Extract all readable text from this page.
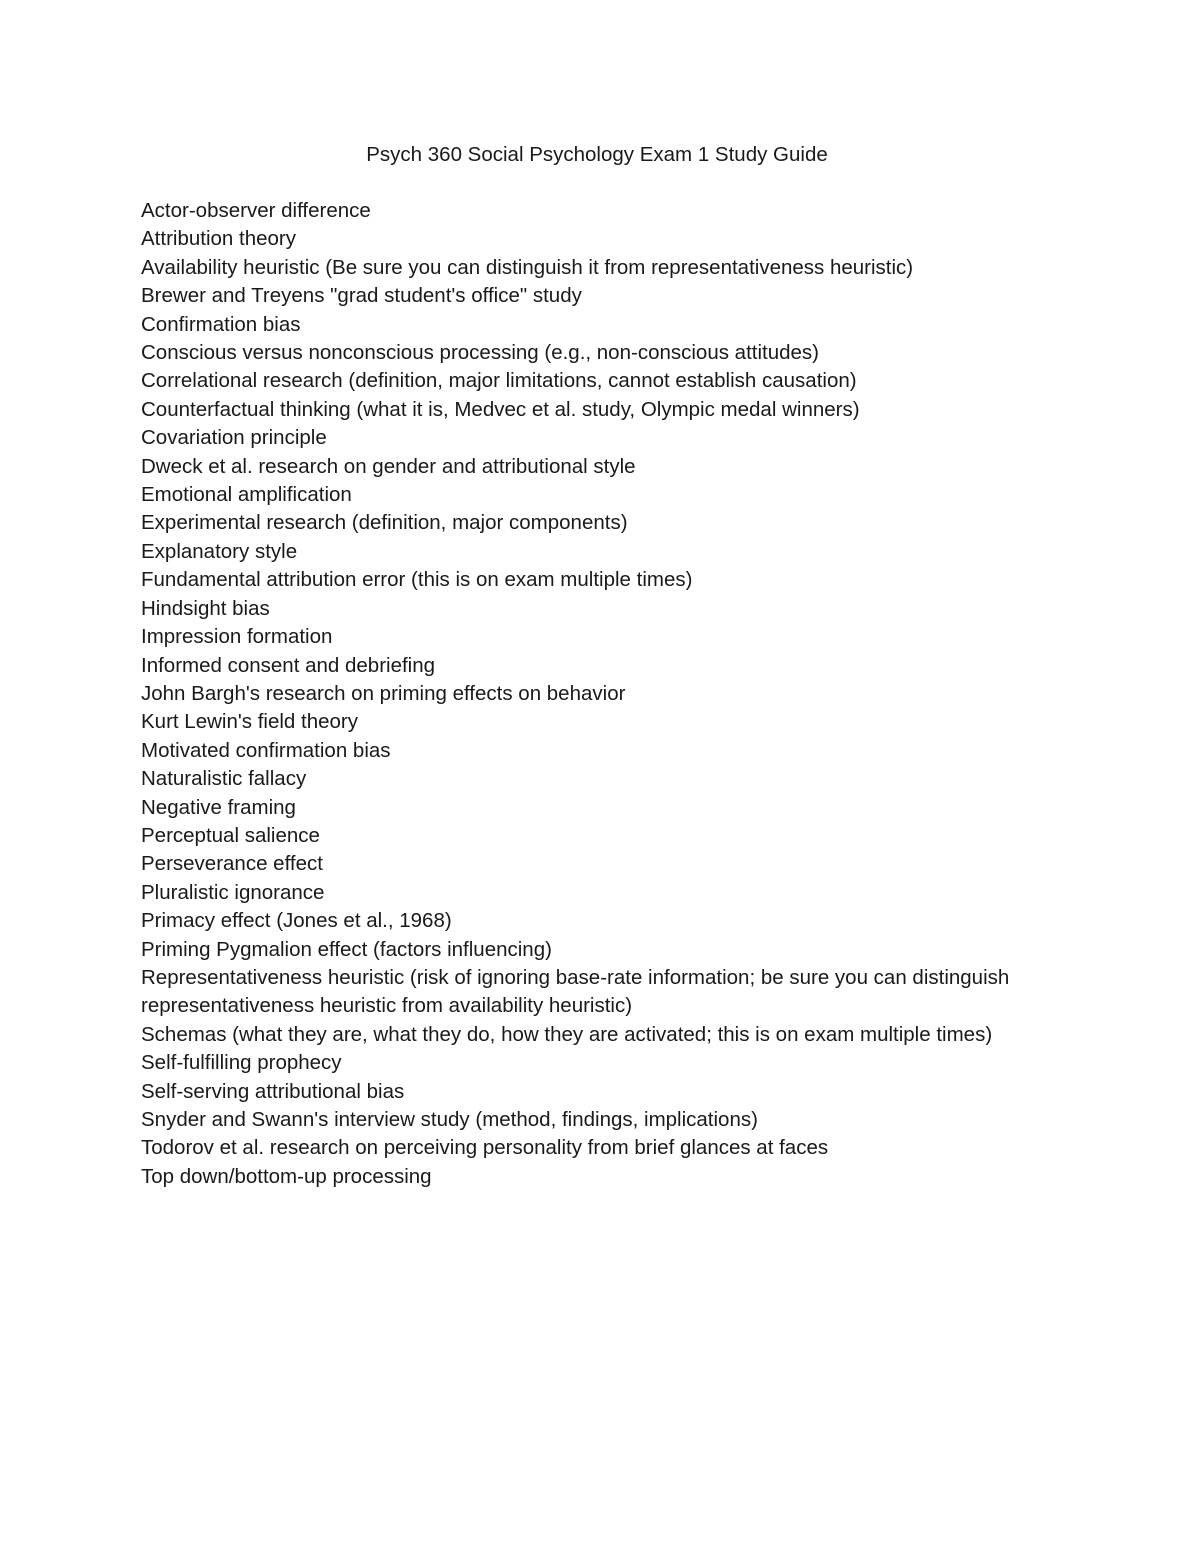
Psych 360 Social Psychology Exam 1 Study Guide
Actor-observer difference
Attribution theory
Availability heuristic (Be sure you can distinguish it from representativeness heuristic)
Brewer and Treyens "grad student's office" study
Confirmation bias
Conscious versus nonconscious processing (e.g., non-conscious attitudes)
Correlational research (definition, major limitations, cannot establish causation)
Counterfactual thinking (what it is, Medvec et al. study, Olympic medal winners)
Covariation principle
Dweck et al. research on gender and attributional style
Emotional amplification
Experimental research (definition, major components)
Explanatory style
Fundamental attribution error (this is on exam multiple times)
Hindsight bias
Impression formation
Informed consent and debriefing
John Bargh's research on priming effects on behavior
Kurt Lewin's field theory
Motivated confirmation bias
Naturalistic fallacy
Negative framing
Perceptual salience
Perseverance effect
Pluralistic ignorance
Primacy effect (Jones et al., 1968)
Priming Pygmalion effect (factors influencing)
Representativeness heuristic (risk of ignoring base-rate information; be sure you can distinguish representativeness heuristic from availability heuristic)
Schemas (what they are, what they do, how they are activated; this is on exam multiple times)
Self-fulfilling prophecy
Self-serving attributional bias
Snyder and Swann's interview study (method, findings, implications)
Todorov et al. research on perceiving personality from brief glances at faces
Top down/bottom-up processing
